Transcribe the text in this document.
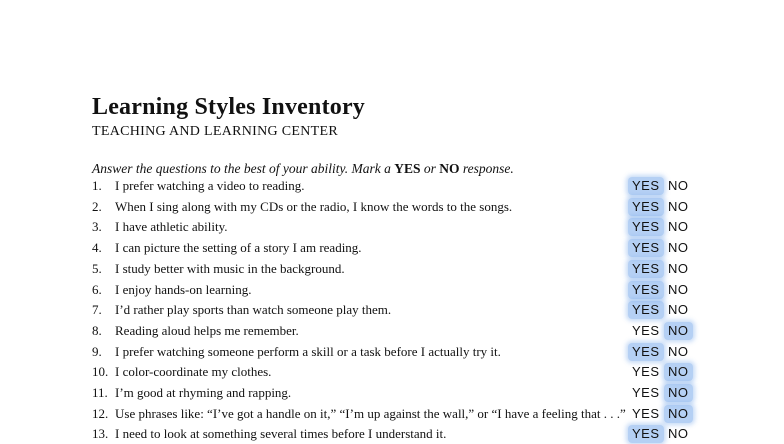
Learning Styles Inventory
TEACHING AND LEARNING CENTER
Answer the questions to the best of your ability. Mark a YES or NO response.
1.	I prefer watching a video to reading.	YES NO
2.	When I sing along with my CDs or the radio, I know the words to the songs.	YES NO
3.	I have athletic ability.	YES NO
4.	I can picture the setting of a story I am reading.	YES NO
5.	I study better with music in the background.	YES NO
6.	I enjoy hands-on learning.	YES NO
7.	I’d rather play sports than watch someone play them.	YES NO
8.	Reading aloud helps me remember.	YES NO
9.	I prefer watching someone perform a skill or a task before I actually try it.	YES NO
10. I color-coordinate my clothes.	YES NO
11. I’m good at rhyming and rapping.	YES NO
12. Use phrases like: “I’ve got a handle on it,” “I’m up against the wall,” or “I have a feeling that . . .” YES NO
13. I need to look at something several times before I understand it.	YES NO
